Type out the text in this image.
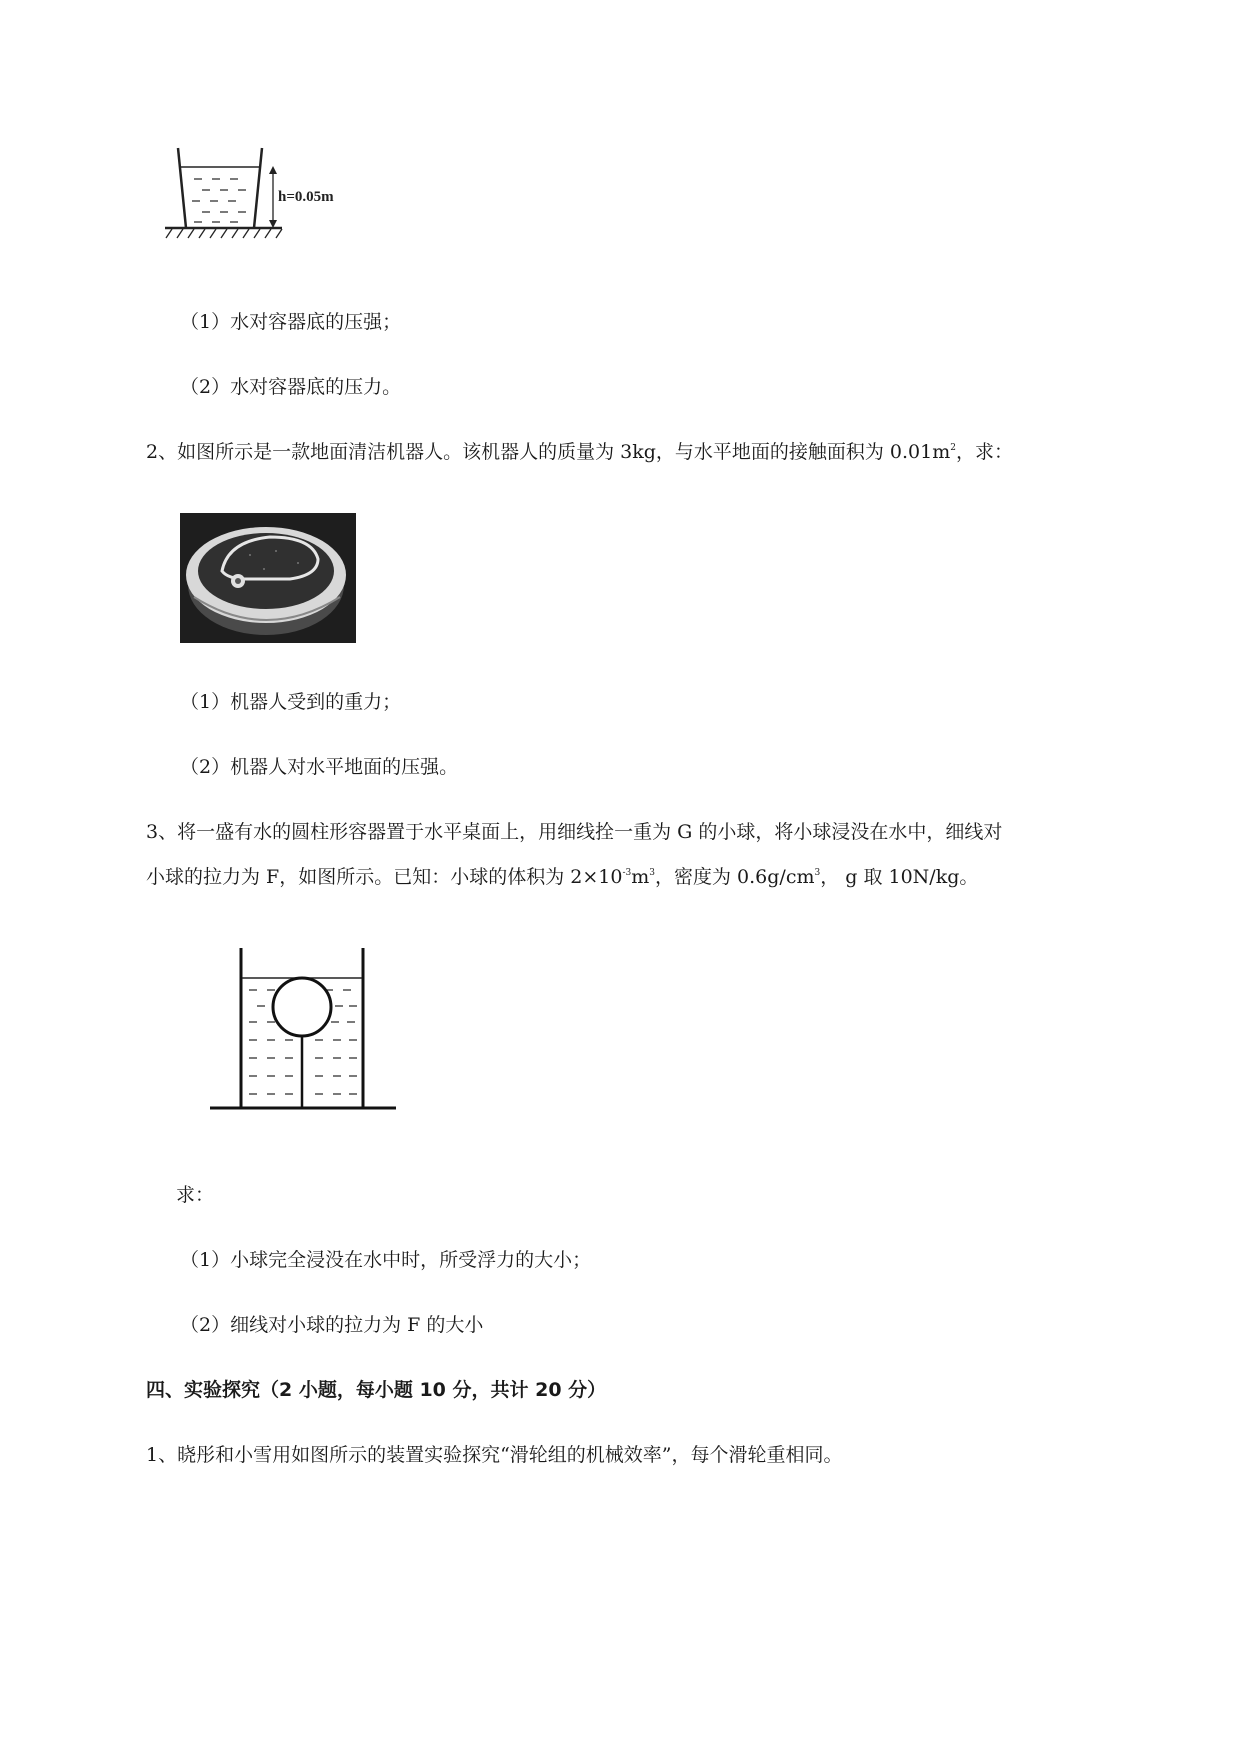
h=0.05m
（1）水对容器底的压强；
（2）水对容器底的压力。
2、如图所示是一款地面清洁机器人。该机器人的质量为 3kg，与水平地面的接触面积为 $0.01m^2$，求：
（1）机器人受到的重力；
（2）机器人对水平地面的压强。
3、将一盛有水的圆柱形容器置于水平桌面上，用细线拴一重为 G 的小球，将小球浸没在水中，细线对
小球的拉力为 F，如图所示。已知：小球的体积为 $2\times 10^{-3}m^3$，密度为 $0.6g/cm^3$， g 取 10N/kg。
求：
（1）小球完全浸没在水中时，所受浮力的大小；
（2）细线对小球的拉力为 F 的大小
四、实验探究（2 小题，每小题 10 分，共计 20 分）
1、晓彤和小雪用如图所示的装置实验探究“滑轮组的机械效率”，每个滑轮重相同。
